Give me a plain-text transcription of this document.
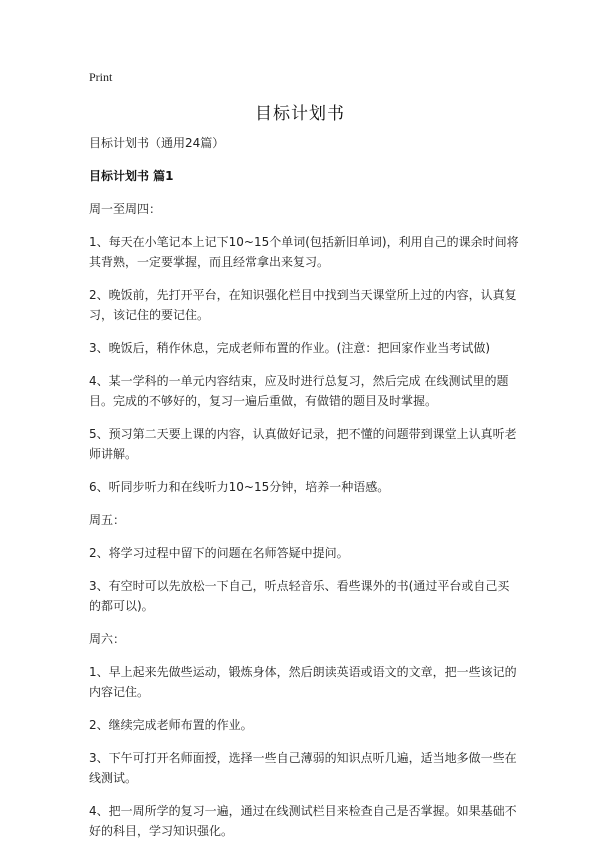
Print
目标计划书

目标计划书（通用24篇）

目标计划书 篇1

周一至周四：

1、每天在小笔记本上记下10~15个单词(包括新旧单词)，利用自己的课余时间将其背熟，一定要掌握，而且经常拿出来复习。

2、晚饭前，先打开平台，在知识强化栏目中找到当天课堂所上过的内容，认真复习，该记住的要记住。

3、晚饭后，稍作休息，完成老师布置的作业。(注意：把回家作业当考试做)

4、某一学科的一单元内容结束，应及时进行总复习，然后完成 在线测试里的题目。完成的不够好的，复习一遍后重做，有做错的题目及时掌握。

5、预习第二天要上课的内容，认真做好记录，把不懂的问题带到课堂上认真听老师讲解。

6、听同步听力和在线听力10~15分钟，培养一种语感。

周五：

2、将学习过程中留下的问题在名师答疑中提问。

3、有空时可以先放松一下自己，听点轻音乐、看些课外的书(通过平台或自己买的都可以)。

周六：

1、早上起来先做些运动，锻炼身体，然后朗读英语或语文的文章，把一些该记的内容记住。

2、继续完成老师布置的作业。

3、下午可打开名师面授，选择一些自己薄弱的知识点听几遍，适当地多做一些在线测试。

4、把一周所学的复习一遍，通过在线测试栏目来检查自己是否掌握。如果基础不好的科目，学习知识强化。
